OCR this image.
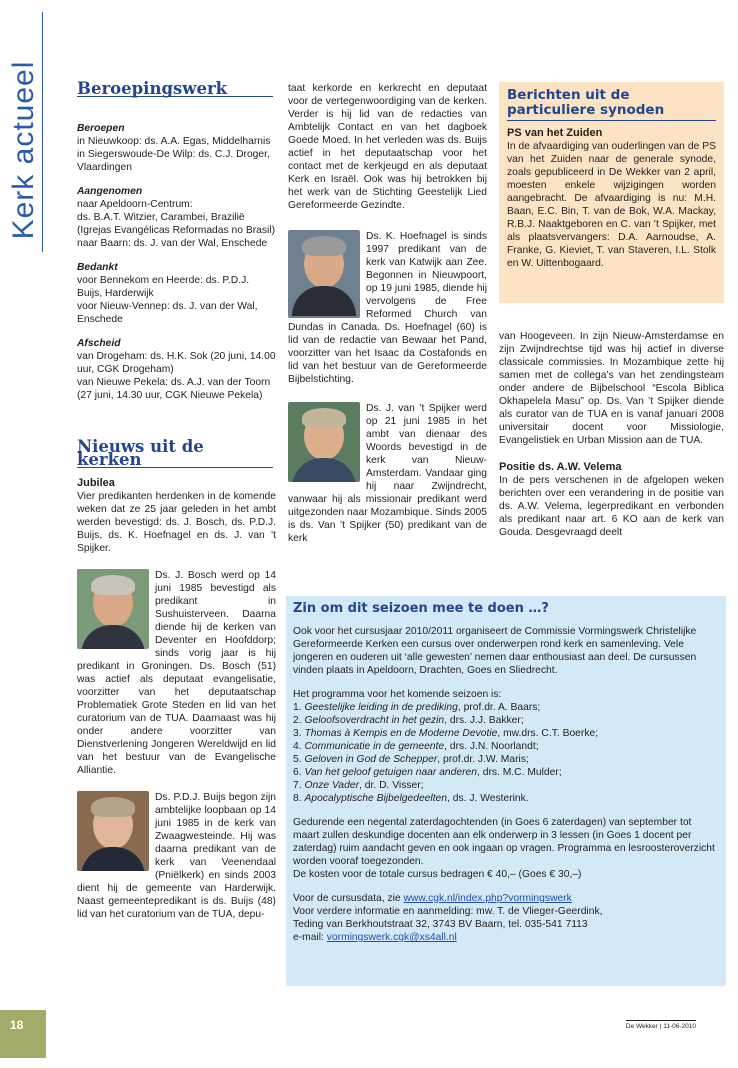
Kerk actueel Beroepingswerk
Beroepen
in Nieuwkoop: ds. A.A. Egas, Middelharnis
in Siegerswoude-De Wilp: ds. C.J. Droger, Vlaardingen
Aangenomen
naar Apeldoorn-Centrum:
ds. B.A.T. Witzier, Carambei, Brazilië
(Igrejas Evangélicas Reformadas no Brasil)
naar Baarn: ds. J. van der Wal, Enschede
Bedankt
voor Bennekom en Heerde: ds. P.D.J. Buijs, Harderwijk
voor Nieuw-Vennep: ds. J. van der Wal, Enschede
Afscheid
van Drogeham: ds. H.K. Sok (20 juni, 14.00 uur, CGK Drogeham)
van Nieuwe Pekela: ds. A.J. van der Toorn (27 juni, 14.30 uur, CGK Nieuwe Pekela)
Nieuws uit de kerken
Jubilea

Vier predikanten herdenken in de komende weken dat ze 25 jaar geleden in het ambt werden bevestigd: ds. J. Bosch, ds. P.D.J. Buijs, ds. K. Hoefnagel en ds. J. van ’t Spijker.

Ds. J. Bosch werd op 14 juni 1985 bevestigd als predikant in Sushuisterveen. Daarna diende hij de kerken van Deventer en Hoofddorp; sinds vorig jaar is hij predikant in Groningen. Ds. Bosch (51) was actief als deputaat evangelisatie, voorzitter van het deputaatschap Problematiek Grote Steden en lid van het curatorium van de TUA. Daarnaast was hij onder andere voorzitter van Dienstverlening Jongeren Wereldwijd en lid van het bestuur van de Evangelische Alliantie.

Ds. P.D.J. Buijs begon zijn ambtelijke loopbaan op 14 juni 1985 in de kerk van Zwaagwesteinde. Hij was daarna predikant van de kerk van Veenendaal (Pniëlkerk) en sinds 2003 dient hij de gemeente van Harderwijk. Naast gemeentepredikant is ds. Buijs (48) lid van het curatorium van de TUA, depu-

taat kerkorde en kerkrecht en deputaat voor de vertegenwoordiging van de kerken. Verder is hij lid van de redacties van Ambtelijk Contact en van het dagboek Goede Moed. In het verleden was ds. Buijs actief in het deputaatschap voor het contact met de kerkjeugd en als deputaat Kerk en Israël. Ook was hij betrokken bij het werk van de Stichting Geestelijk Lied Gereformeerde Gezindte.

Ds. K. Hoefnagel is sinds 1997 predikant van de kerk van Katwijk aan Zee. Begonnen in Nieuwpoort, op 19 juni 1985, diende hij vervolgens de Free Reformed Church van Dundas in Canada. Ds. Hoefnagel (60) is lid van de redactie van Bewaar het Pand, voorzitter van het Isaac da Costafonds en lid van het bestuur van de Gereformeerde Bijbelstichting.

Ds. J. van ’t Spijker werd op 21 juni 1985 in het ambt van dienaar des Woords bevestigd in de kerk van Nieuw-Amsterdam. Vandaar ging hij naar Zwijndrecht, vanwaar hij als missionair predikant werd uitgezonden naar Mozambique. Sinds 2005 is ds. Van ’t Spijker (50) predikant van de kerk

Berichten uit de particuliere synoden
PS van het Zuiden

In de afvaardiging van ouderlingen van de PS van het Zuiden naar de generale synode, zoals gepubliceerd in De Wekker van 2 april, moesten enkele wijzigingen worden aangebracht. De afvaardiging is nu: M.H. Baan, E.C. Bin, T. van de Bok, W.A. Mackay, R.B.J. Naaktgeboren en C. van ’t Spijker, met als plaatsvervangers: D.A. Aarnoudse, A. Franke, G. Kieviet, T. van Staveren, I.L. Stolk en W. Uittenbogaard.

van Hoogeveen. In zijn Nieuw-Amsterdamse en zijn Zwijndrechtse tijd was hij actief in diverse classicale commissies. In Mozambique zette hij samen met de collega’s van het zendingsteam onder andere de Bijbelschool “Escola Biblica Okhapelela Masu” op. Ds. Van ’t Spijker diende als curator van de TUA en is vanaf januari 2008 universitair docent voor Missiologie, Evangelistiek en Urban Mission aan de TUA.

Positie ds. A.W. Velema

In de pers verschenen in de afgelopen weken berichten over een verandering in de positie van ds. A.W. Velema, legerpredikant en verbonden als predikant naar art. 6 KO aan de kerk van Gouda. Desgevraagd deelt

Zin om dit seizoen mee te doen …?

Ook voor het cursusjaar 2010/2011 organiseert de Commissie Vormingswerk Christelijke Gereformeerde Kerken een cursus over onderwerpen rond kerk en samenleving. Vele jongeren en ouderen uit ‘alle gewesten’ nemen daar enthousiast aan deel. De cursussen vinden plaats in Apeldoorn, Drachten, Goes en Sliedrecht.

Het programma voor het komende seizoen is:
1. Geestelijke leiding in de prediking, prof.dr. A. Baars;
2. Geloofsoverdracht in het gezin, drs. J.J. Bakker;
3. Thomas à Kempis en de Moderne Devotie, mw.drs. C.T. Boerke;
4. Communicatie in de gemeente, drs. J.N. Noorlandt;
5. Geloven in God de Schepper, prof.dr. J.W. Maris;
6. Van het geloof getuigen naar anderen, drs. M.C. Mulder;
7. Onze Vader, dr. D. Visser;
8. Apocalyptische Bijbelgedeelten, ds. J. Westerink.
Gedurende een negental zaterdagochtenden (in Goes 6 zaterdagen) van september tot maart zullen deskundige docenten aan elk onderwerp in 3 lessen (in Goes 1 docent per zaterdag) ruim aandacht geven en ook ingaan op vragen. Programma en lesroosteroverzicht worden vooraf toegezonden.
De kosten voor de totale cursus bedragen € 40,– (Goes € 30,–)
Voor de cursusdata, zie www.cgk.nl/index.php?vormingswerk
Voor verdere informatie en aanmelding: mw. T. de Vlieger-Geerdink,
Teding van Berkhoutstraat 32, 3743 BV Baarn, tel. 035-541 7113
e-mail: vormingswerk.cgk@xs4all.nl
18	De Wekker | 11-06-2010
